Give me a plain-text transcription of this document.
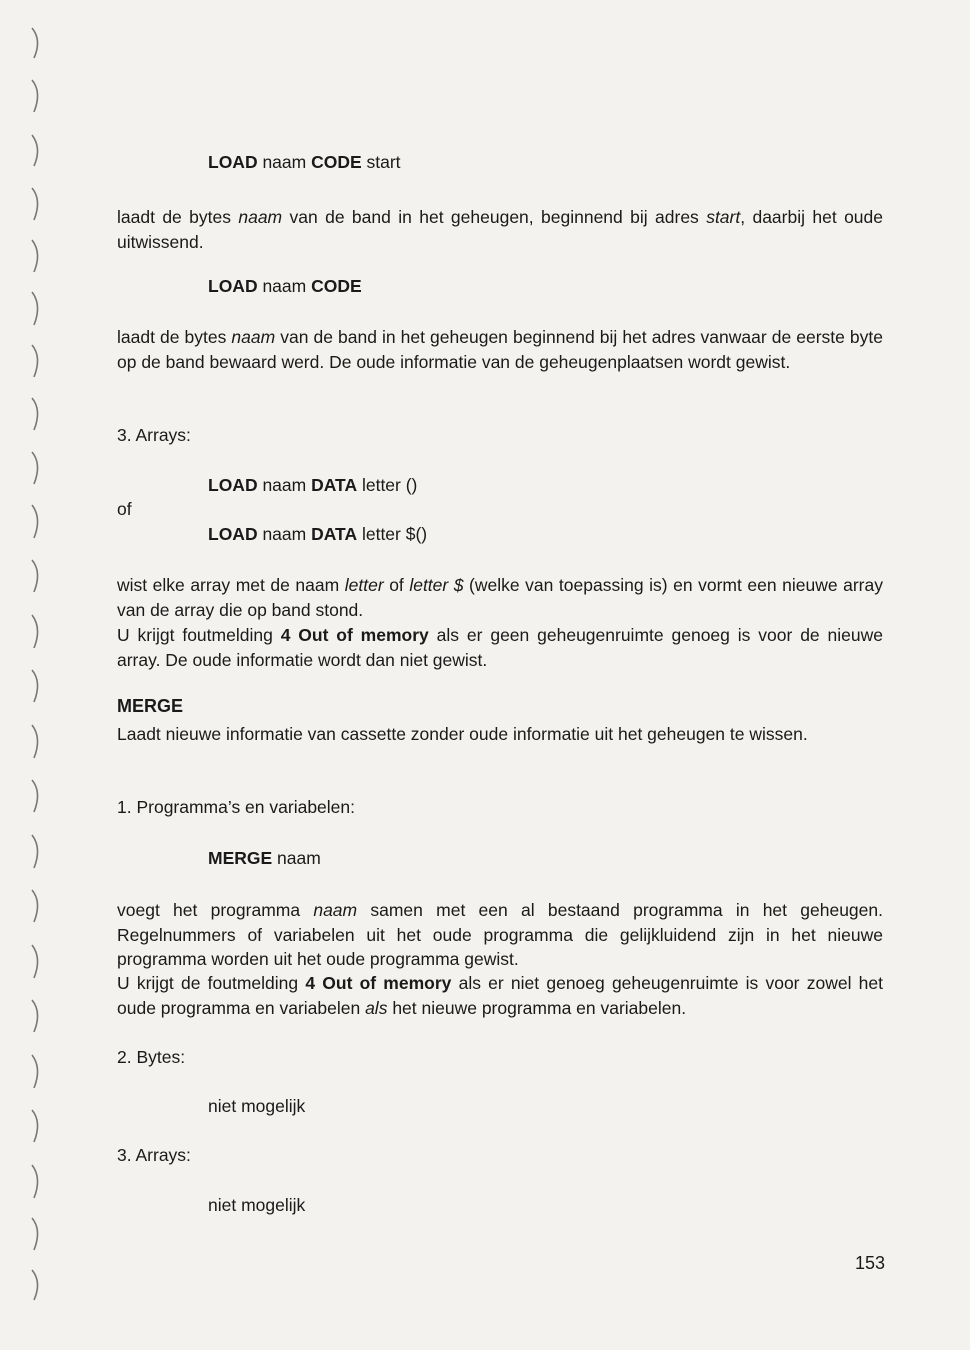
LOAD naam CODE start
laadt de bytes naam van de band in het geheugen, beginnend bij adres start, daarbij het oude uitwissend.
LOAD naam CODE
laadt de bytes naam van de band in het geheugen beginnend bij het adres vanwaar de eerste byte op de band bewaard werd. De oude informatie van de geheugenplaatsen wordt gewist.
3. Arrays:
LOAD naam DATA letter ()
of
LOAD naam DATA letter $()
wist elke array met de naam letter of letter $ (welke van toepassing is) en vormt een nieuwe array van de array die op band stond.
U krijgt foutmelding 4 Out of memory als er geen geheugenruimte genoeg is voor de nieuwe array. De oude informatie wordt dan niet gewist.
MERGE
Laadt nieuwe informatie van cassette zonder oude informatie uit het geheugen te wissen.
1. Programma’s en variabelen:
MERGE naam
voegt het programma naam samen met een al bestaand programma in het geheugen. Regelnummers of variabelen uit het oude programma die gelijkluidend zijn in het nieuwe programma worden uit het oude programma gewist.
U krijgt de foutmelding 4 Out of memory als er niet genoeg geheugenruimte is voor zowel het oude programma en variabelen als het nieuwe programma en variabelen.
2. Bytes:
niet mogelijk
3. Arrays:
niet mogelijk
153
